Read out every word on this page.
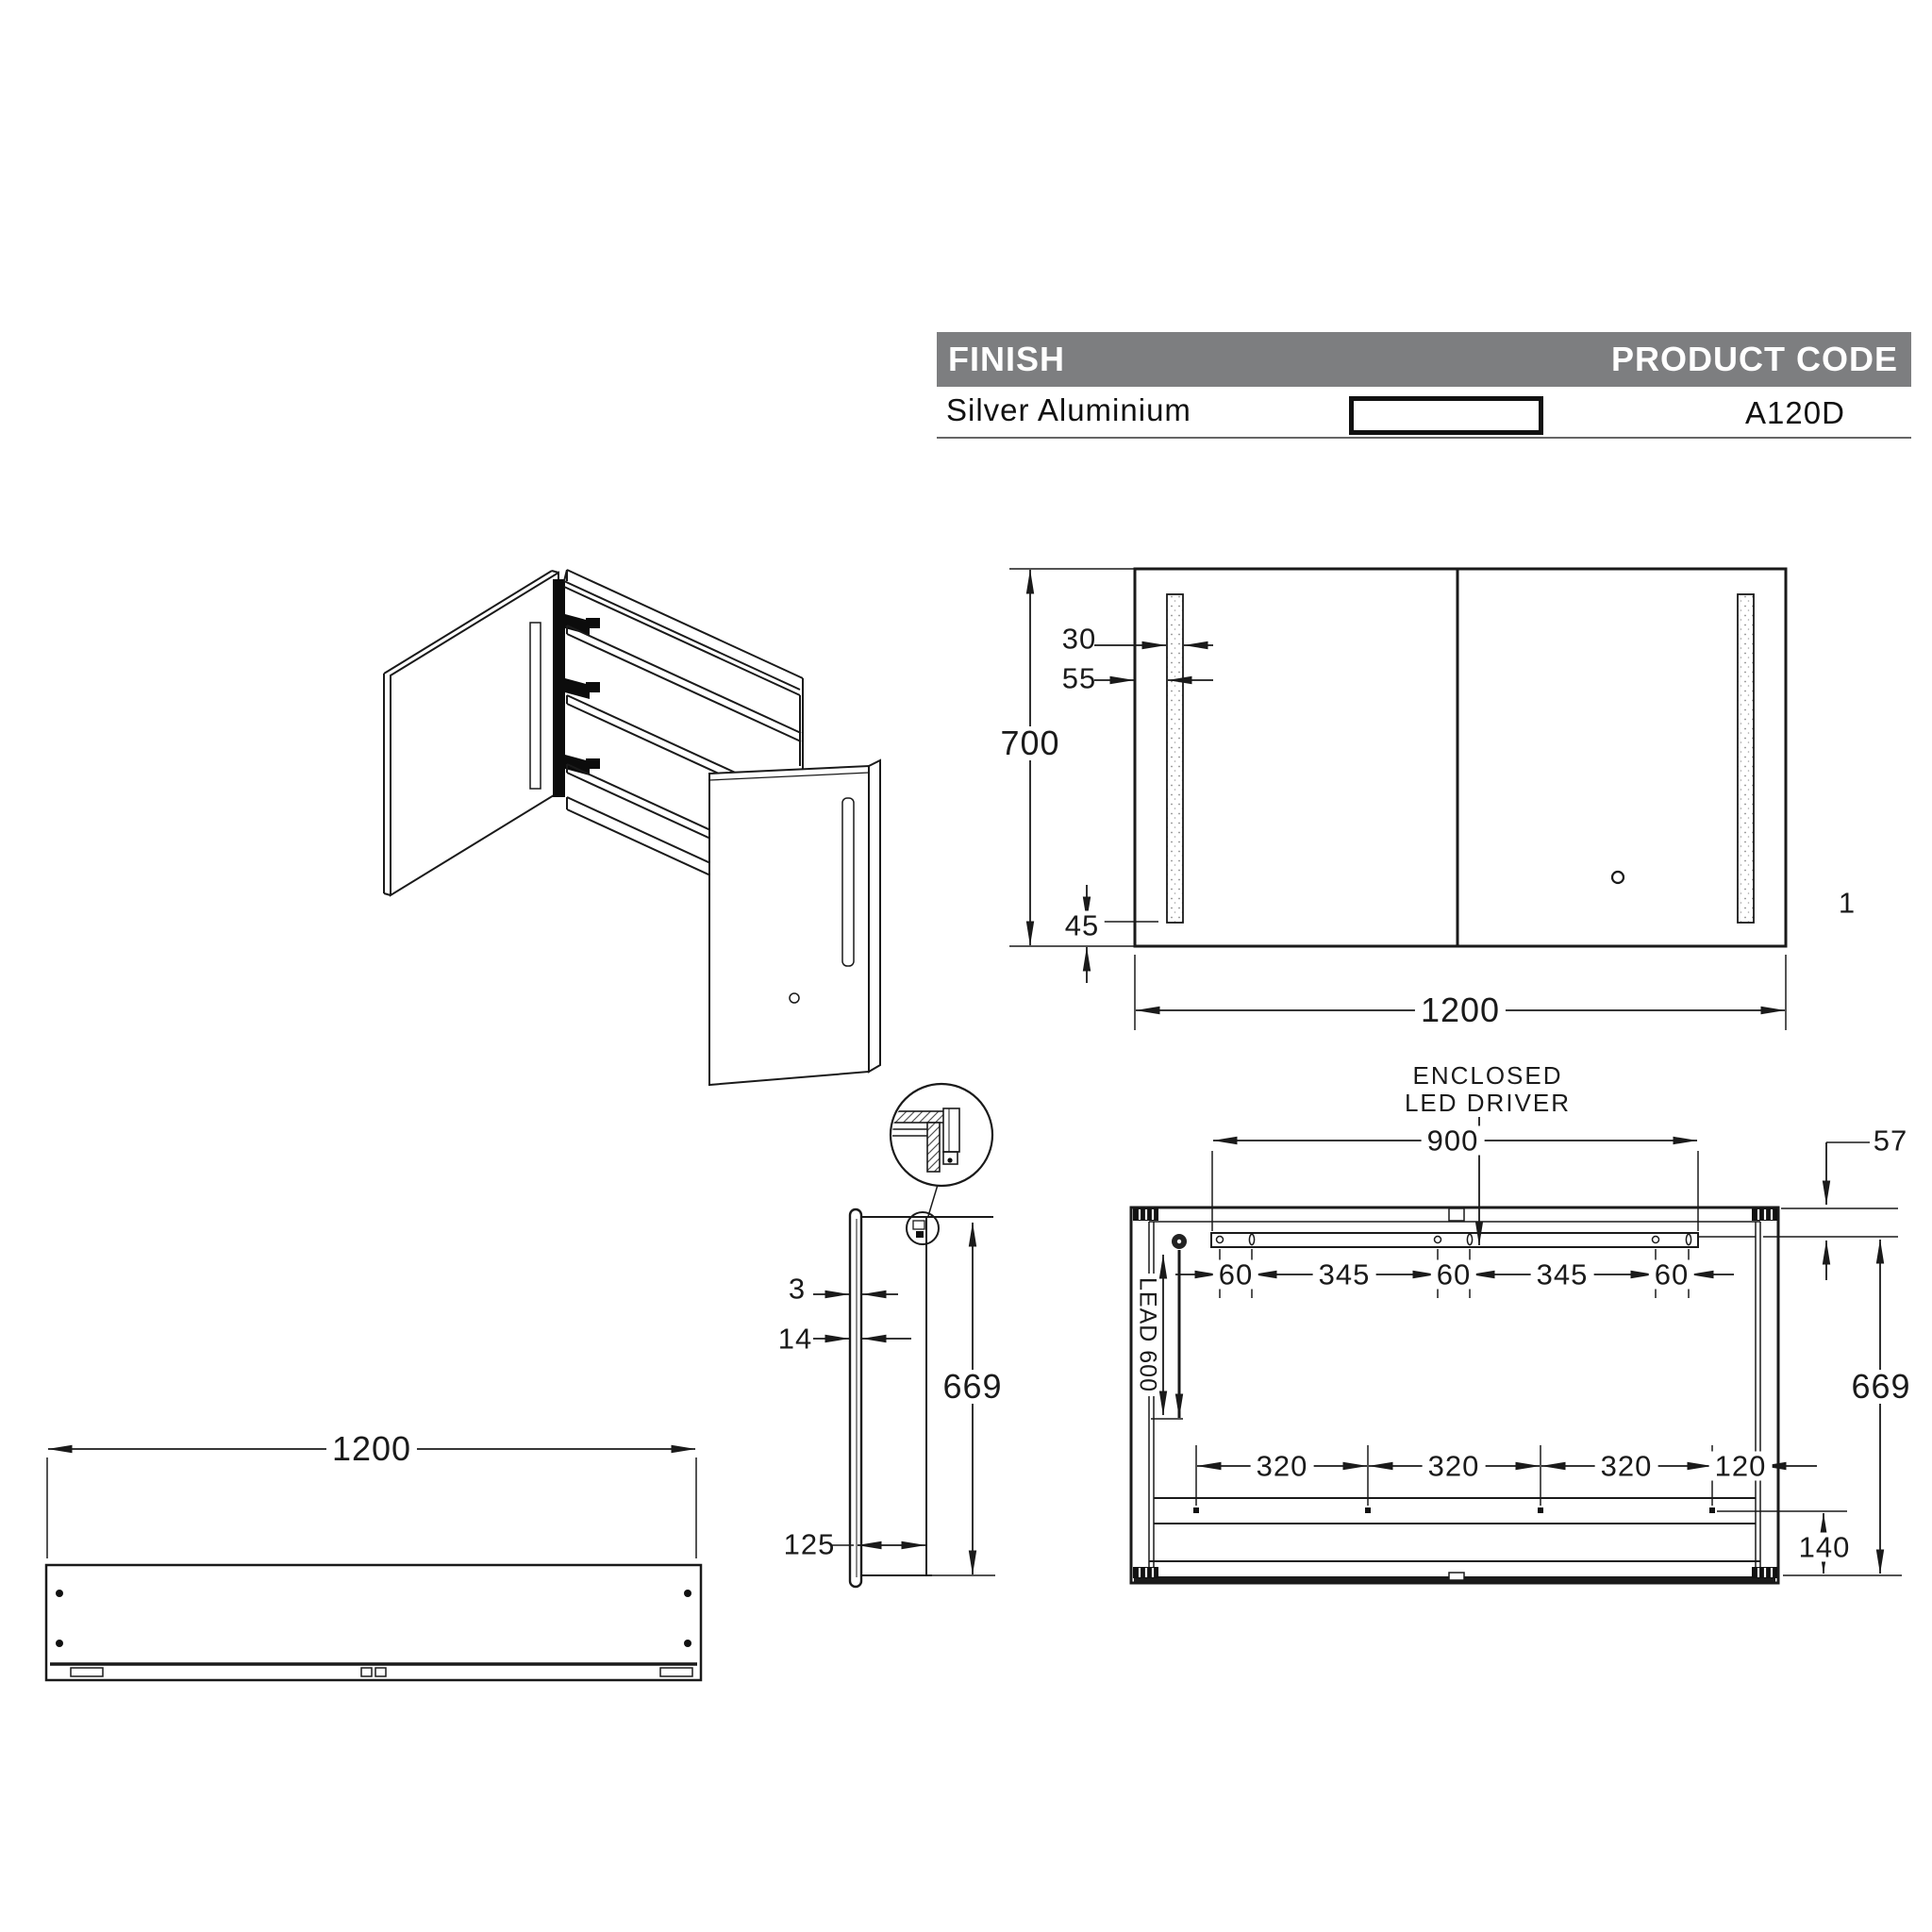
FINISH	PRODUCT CODE
Silver Aluminium	A120D
700
30
55
45
1200
1
3
14
669
125
1200
ENCLOSED
LED DRIVER
900	57
669
140
LEAD 600
60 345 60 345 60
320	320	320 120
